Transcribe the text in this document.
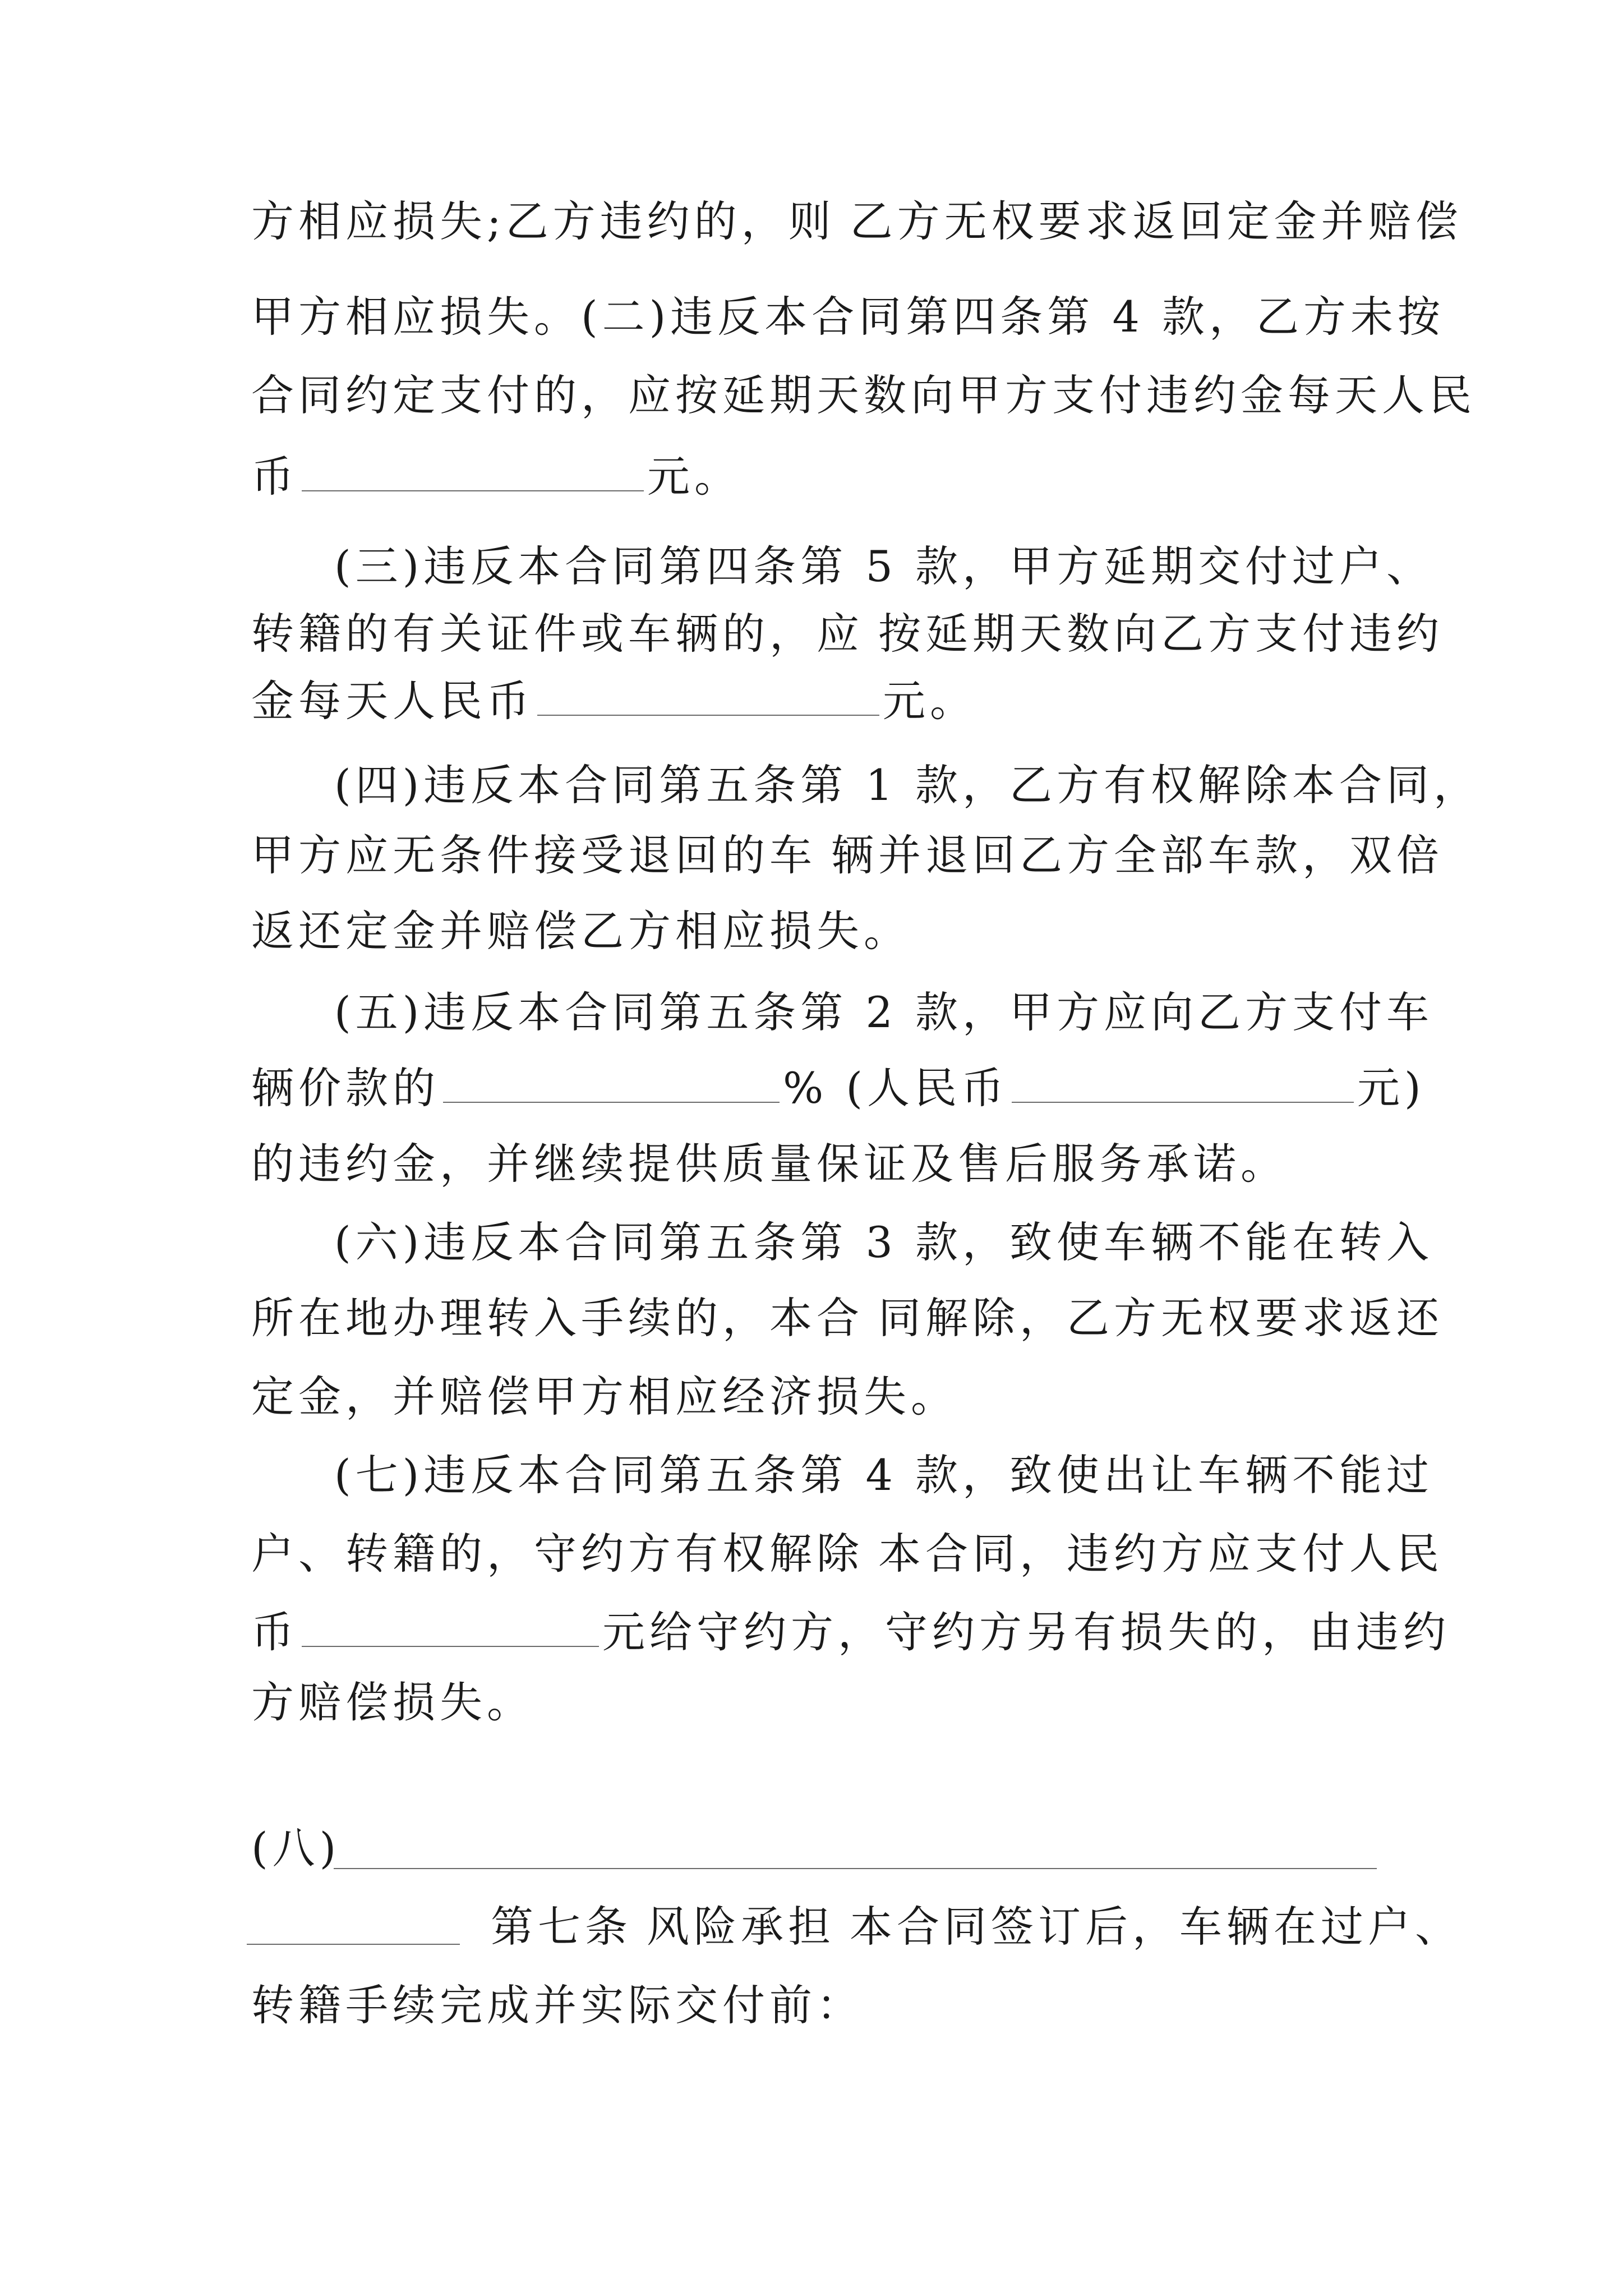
方相应损失;乙方违约的，则 乙方无权要求返回定金并赔偿
甲方相应损失。(二)违反本合同第四条第 4 款，乙方未按
合同约定支付的，应按延期天数向甲方支付违约金每天人民
币	元。
(三)违反本合同第四条第 5 款，甲方延期交付过户、
转籍的有关证件或车辆的，应 按延期天数向乙方支付违约
金每天人民币	元。
(四)违反本合同第五条第 1 款，乙方有权解除本合同，
甲方应无条件接受退回的车 辆并退回乙方全部车款，双倍
返还定金并赔偿乙方相应损失。
(五)违反本合同第五条第 2 款，甲方应向乙方支付车
辆价款的	% (人民币	元)
的违约金，并继续提供质量保证及售后服务承诺。
(六)违反本合同第五条第 3 款，致使车辆不能在转入
所在地办理转入手续的，本合 同解除，乙方无权要求返还
定金，并赔偿甲方相应经济损失。
(七)违反本合同第五条第 4 款，致使出让车辆不能过
户、转籍的，守约方有权解除 本合同，违约方应支付人民
币	元给守约方，守约方另有损失的，由违约
方赔偿损失。
(八)
第七条 风险承担 本合同签订后，车辆在过户、
转籍手续完成并实际交付前：
